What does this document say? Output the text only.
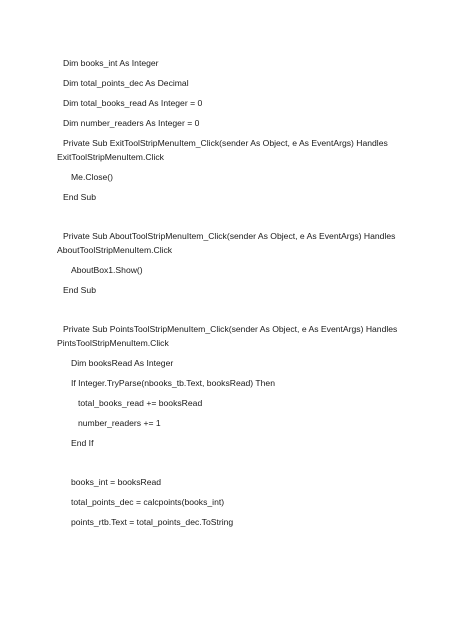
Dim books_int As Integer
Dim total_points_dec As Decimal
Dim total_books_read As Integer = 0
Dim number_readers As Integer = 0
Private Sub ExitToolStripMenuItem_Click(sender As Object, e As EventArgs) Handles
ExitToolStripMenuItem.Click
Me.Close()
End Sub
Private Sub AboutToolStripMenuItem_Click(sender As Object, e As EventArgs) Handles
AboutToolStripMenuItem.Click
AboutBox1.Show()
End Sub
Private Sub PointsToolStripMenuItem_Click(sender As Object, e As EventArgs) Handles
PintsToolStripMenuItem.Click
Dim booksRead As Integer
If Integer.TryParse(nbooks_tb.Text, booksRead) Then
total_books_read += booksRead
number_readers += 1
End If
books_int = booksRead
total_points_dec = calcpoints(books_int)
points_rtb.Text = total_points_dec.ToString
